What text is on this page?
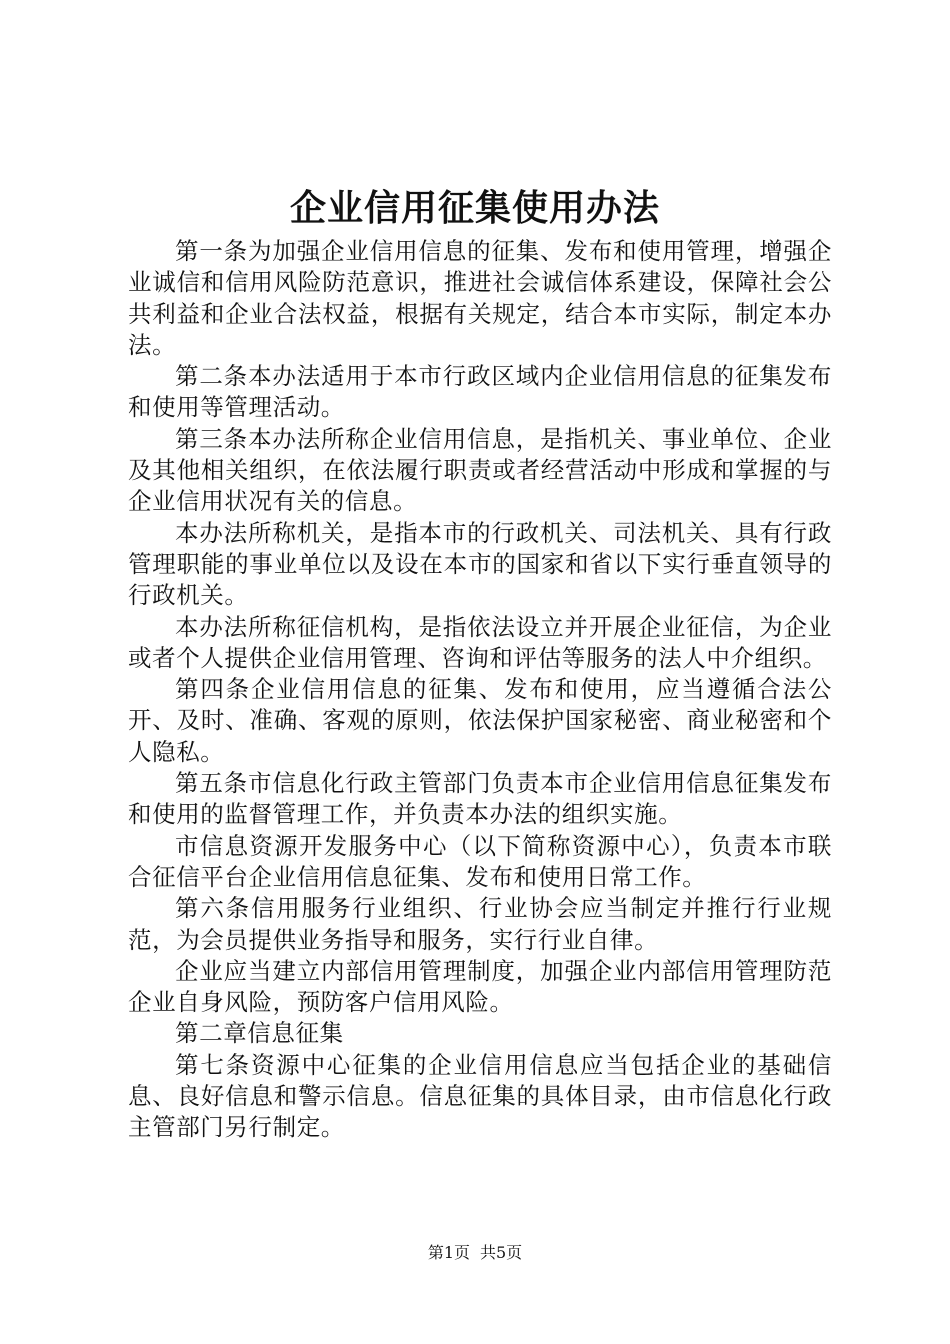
企业信用征集使用办法

第一条为加强企业信用信息的征集、发布和使用管理，增强企业诚信和信用风险防范意识，推进社会诚信体系建设，保障社会公共利益和企业合法权益，根据有关规定，结合本市实际，制定本办法。

第二条本办法适用于本市行政区域内企业信用信息的征集发布和使用等管理活动。

第三条本办法所称企业信用信息，是指机关、事业单位、企业及其他相关组织，在依法履行职责或者经营活动中形成和掌握的与企业信用状况有关的信息。

本办法所称机关，是指本市的行政机关、司法机关、具有行政管理职能的事业单位以及设在本市的国家和省以下实行垂直领导的行政机关。

本办法所称征信机构，是指依法设立并开展企业征信，为企业或者个人提供企业信用管理、咨询和评估等服务的法人中介组织。

第四条企业信用信息的征集、发布和使用，应当遵循合法公开、及时、准确、客观的原则，依法保护国家秘密、商业秘密和个人隐私。

第五条市信息化行政主管部门负责本市企业信用信息征集发布和使用的监督管理工作，并负责本办法的组织实施。

市信息资源开发服务中心（以下简称资源中心），负责本市联合征信平台企业信用信息征集、发布和使用日常工作。

第六条信用服务行业组织、行业协会应当制定并推行行业规范，为会员提供业务指导和服务，实行行业自律。

企业应当建立内部信用管理制度，加强企业内部信用管理防范企业自身风险，预防客户信用风险。

第二章信息征集

第七条资源中心征集的企业信用信息应当包括企业的基础信息、良好信息和警示信息。信息征集的具体目录，由市信息化行政主管部门另行制定。

第1页 共5页
